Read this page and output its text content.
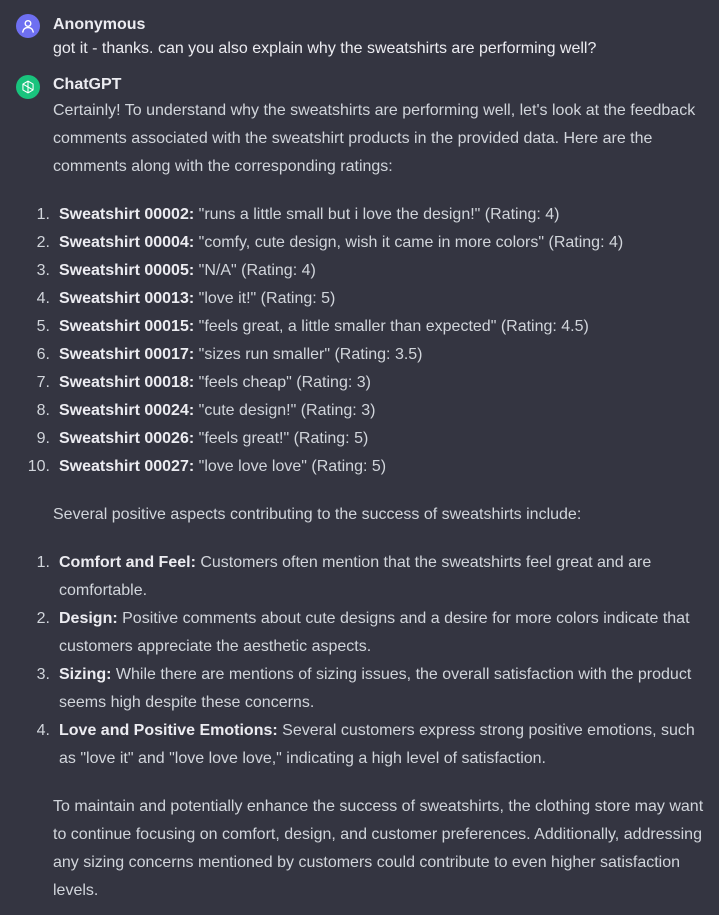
Anonymous
got it - thanks. can you also explain why the sweatshirts are performing well?
ChatGPT

Certainly! To understand why the sweatshirts are performing well, let's look at the feedback comments associated with the sweatshirt products in the provided data. Here are the comments along with the corresponding ratings:

1. Sweatshirt 00002: "runs a little small but i love the design!" (Rating: 4)
2. Sweatshirt 00004: "comfy, cute design, wish it came in more colors" (Rating: 4)
3. Sweatshirt 00005: "N/A" (Rating: 4)
4. Sweatshirt 00013: "love it!" (Rating: 5)
5. Sweatshirt 00015: "feels great, a little smaller than expected" (Rating: 4.5)
6. Sweatshirt 00017: "sizes run smaller" (Rating: 3.5)
7. Sweatshirt 00018: "feels cheap" (Rating: 3)
8. Sweatshirt 00024: "cute design!" (Rating: 3)
9. Sweatshirt 00026: "feels great!" (Rating: 5)
10. Sweatshirt 00027: "love love love" (Rating: 5)

Several positive aspects contributing to the success of sweatshirts include:

1. Comfort and Feel: Customers often mention that the sweatshirts feel great and are comfortable.
2. Design: Positive comments about cute designs and a desire for more colors indicate that customers appreciate the aesthetic aspects.
3. Sizing: While there are mentions of sizing issues, the overall satisfaction with the product seems high despite these concerns.
4. Love and Positive Emotions: Several customers express strong positive emotions, such as "love it" and "love love love," indicating a high level of satisfaction.

To maintain and potentially enhance the success of sweatshirts, the clothing store may want to continue focusing on comfort, design, and customer preferences. Additionally, addressing any sizing concerns mentioned by customers could contribute to even higher satisfaction levels.
